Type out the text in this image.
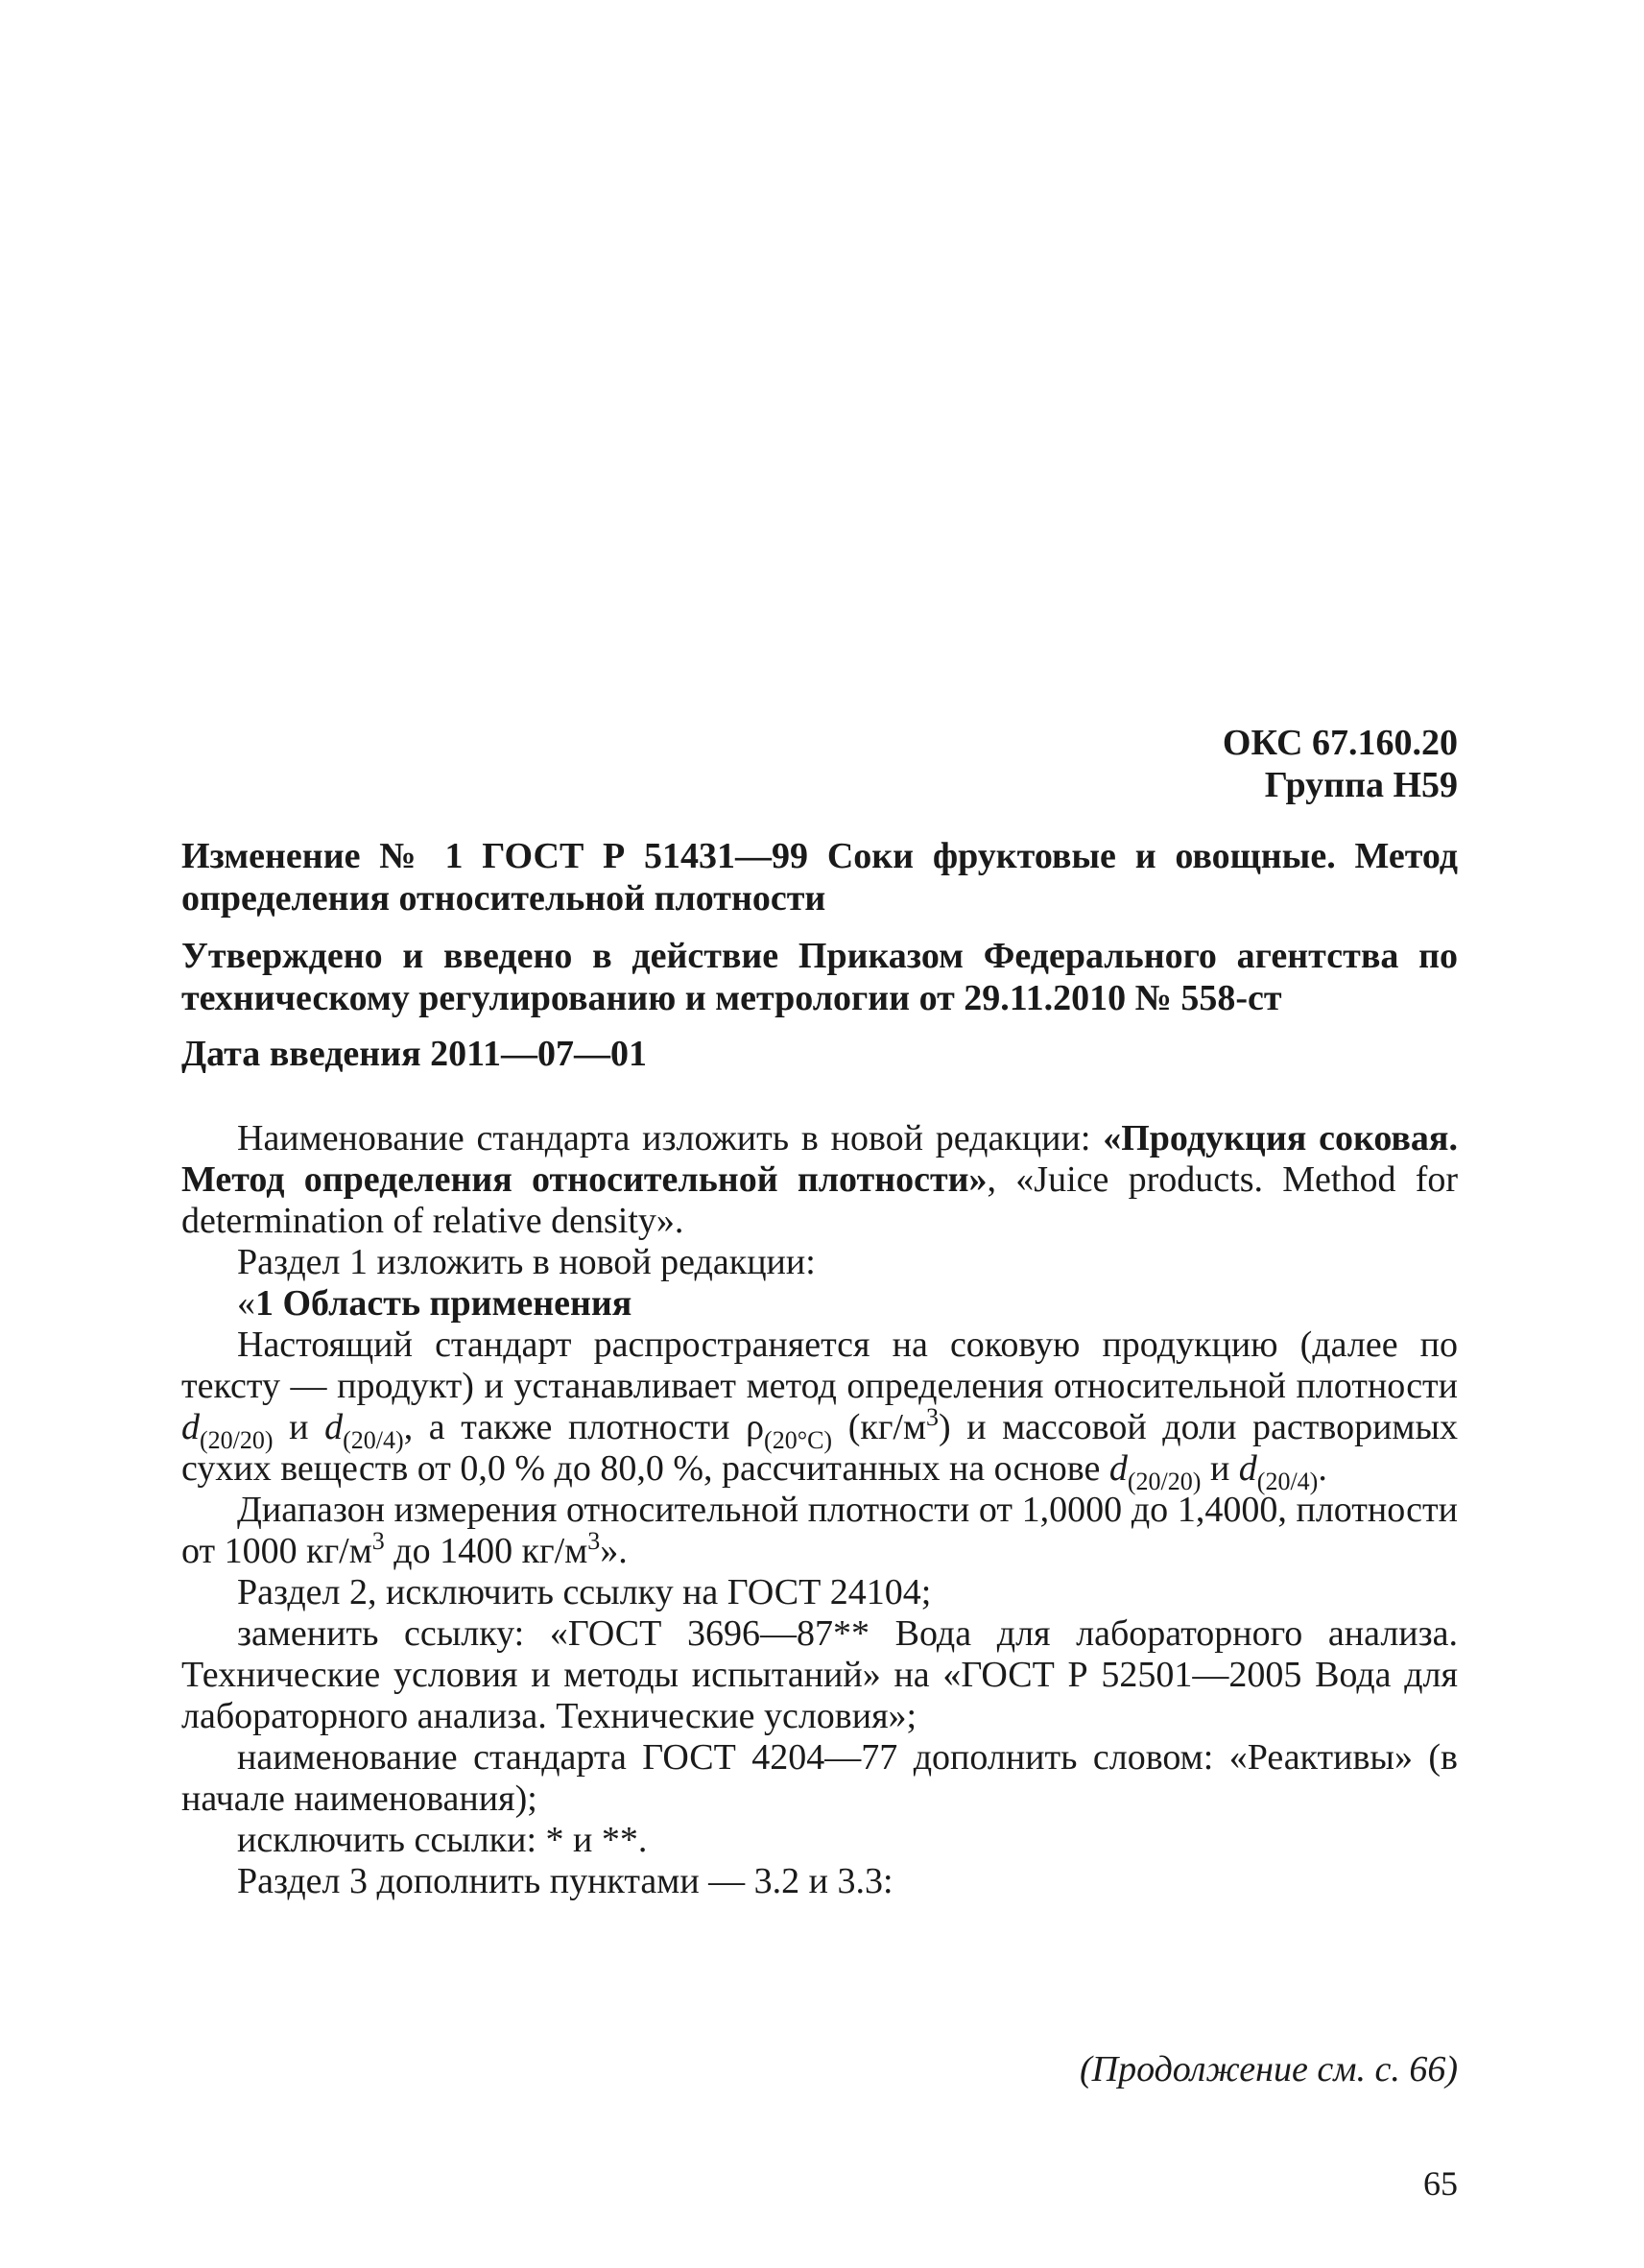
ОКС 67.160.20
Группа Н59
Изменение № 1 ГОСТ Р 51431—99 Соки фруктовые и овощные. Метод определения относительной плотности
Утверждено и введено в действие Приказом Федерального агентства по техническому регулированию и метрологии от 29.11.2010 № 558-ст
Дата введения 2011—07—01

Наименование стандарта изложить в новой редакции: «Продукция соковая. Метод определения относительной плотности», «Juice products. Method for determination of relative density».

Раздел 1 изложить в новой редакции:

«1 Область применения

Настоящий стандарт распространяется на соковую продукцию (далее по тексту — продукт) и устанавливает метод определения относительной плотности $d_{(20/20)}$ и $d_{(20/4)}$, а также плотности $\rho_{(20^\circ С)}$ $(кг/м^3)$ и массовой доли растворимых сухих веществ от 0,0 % до 80,0 %, рассчитанных на основе $d_{(20/20)}$ и $d_{(20/4)}$.

Диапазон измерения относительной плотности от 1,0000 до 1,4000, плотности от 1000 $кг/м^3$ до 1400 $кг/м^3$».

Раздел 2, исключить ссылку на ГОСТ 24104;

заменить ссылку: «ГОСТ 3696—87** Вода для лабораторного анализа. Технические условия и методы испытаний» на «ГОСТ Р 52501—2005 Вода для лабораторного анализа. Технические условия»;

наименование стандарта ГОСТ 4204—77 дополнить словом: «Реактивы» (в начале наименования);

исключить ссылки: * и **.

Раздел 3 дополнить пунктами — 3.2 и 3.3:

(Продолжение см. с. 66)
65
